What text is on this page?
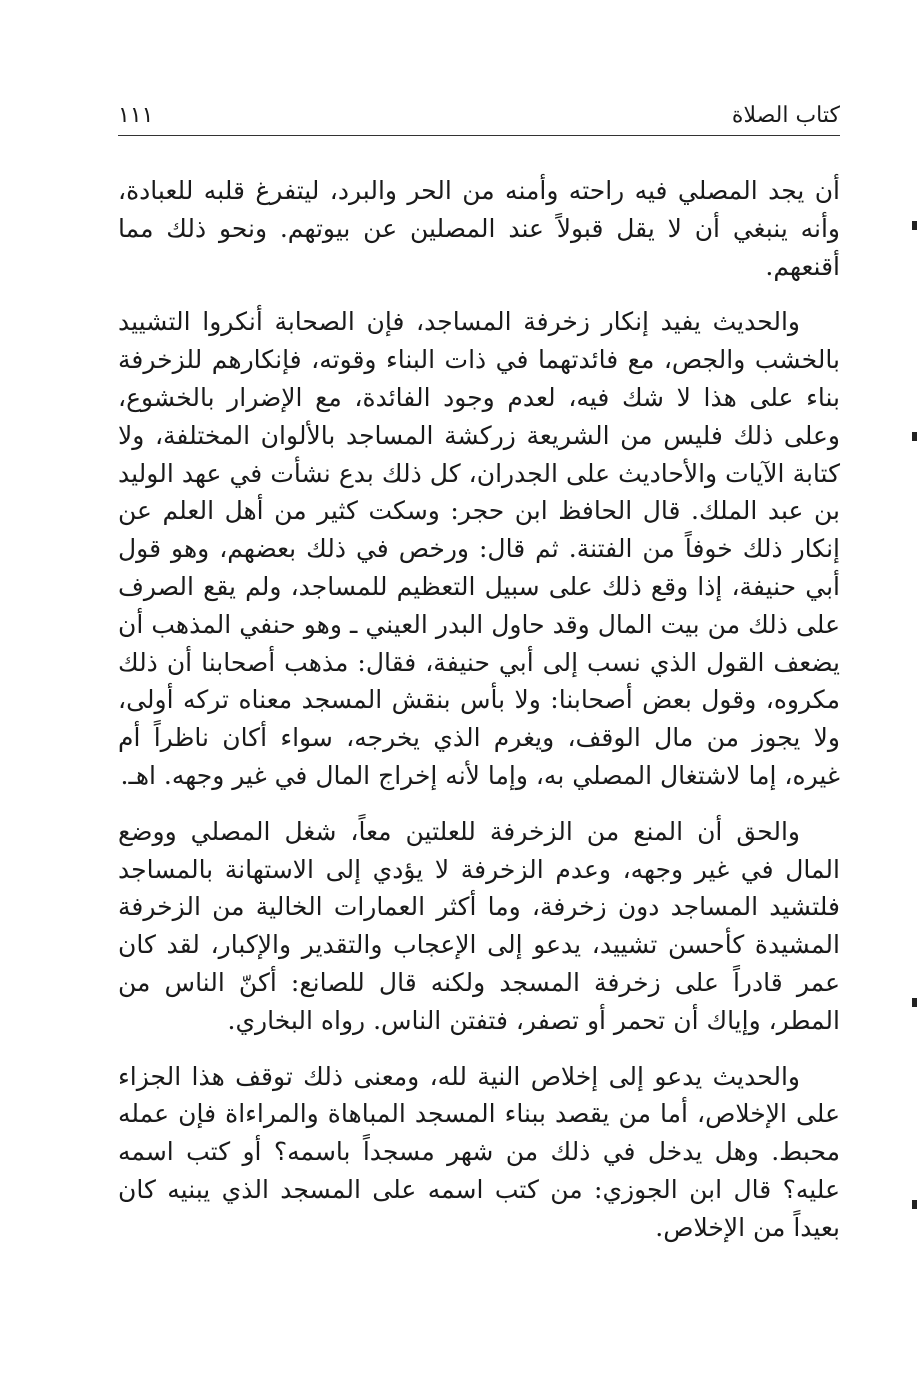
كتاب الصلاة
١١١

أن يجد المصلي فيه راحته وأمنه من الحر والبرد، ليتفرغ قلبه للعبادة، وأنه ينبغي أن لا يقل قبولاً عند المصلين عن بيوتهم. ونحو ذلك مما أقنعهم.

والحديث يفيد إنكار زخرفة المساجد، فإن الصحابة أنكروا التشييد بالخشب والجص، مع فائدتهما في ذات البناء وقوته، فإنكارهم للزخرفة بناء على هذا لا شك فيه، لعدم وجود الفائدة، مع الإضرار بالخشوع، وعلى ذلك فليس من الشريعة زركشة المساجد بالألوان المختلفة، ولا كتابة الآيات والأحاديث على الجدران، كل ذلك بدع نشأت في عهد الوليد بن عبد الملك. قال الحافظ ابن حجر: وسكت كثير من أهل العلم عن إنكار ذلك خوفاً من الفتنة. ثم قال: ورخص في ذلك بعضهم، وهو قول أبي حنيفة، إذا وقع ذلك على سبيل التعظيم للمساجد، ولم يقع الصرف على ذلك من بيت المال وقد حاول البدر العيني ـ وهو حنفي المذهب أن يضعف القول الذي نسب إلى أبي حنيفة، فقال: مذهب أصحابنا أن ذلك مكروه، وقول بعض أصحابنا: ولا بأس بنقش المسجد معناه تركه أولى، ولا يجوز من مال الوقف، ويغرم الذي يخرجه، سواء أكان ناظراً أم غيره، إما لاشتغال المصلي به، وإما لأنه إخراج المال في غير وجهه. اهـ.

والحق أن المنع من الزخرفة للعلتين معاً، شغل المصلي ووضع المال في غير وجهه، وعدم الزخرفة لا يؤدي إلى الاستهانة بالمساجد فلتشيد المساجد دون زخرفة، وما أكثر العمارات الخالية من الزخرفة المشيدة كأحسن تشييد، يدعو إلى الإعجاب والتقدير والإكبار، لقد كان عمر قادراً على زخرفة المسجد ولكنه قال للصانع: أكنّ الناس من المطر، وإياك أن تحمر أو تصفر، فتفتن الناس. رواه البخاري.

والحديث يدعو إلى إخلاص النية لله، ومعنى ذلك توقف هذا الجزاء على الإخلاص، أما من يقصد ببناء المسجد المباهاة والمراءاة فإن عمله محبط. وهل يدخل في ذلك من شهر مسجداً باسمه؟ أو كتب اسمه عليه؟ قال ابن الجوزي: من كتب اسمه على المسجد الذي يبنيه كان بعيداً من الإخلاص.
